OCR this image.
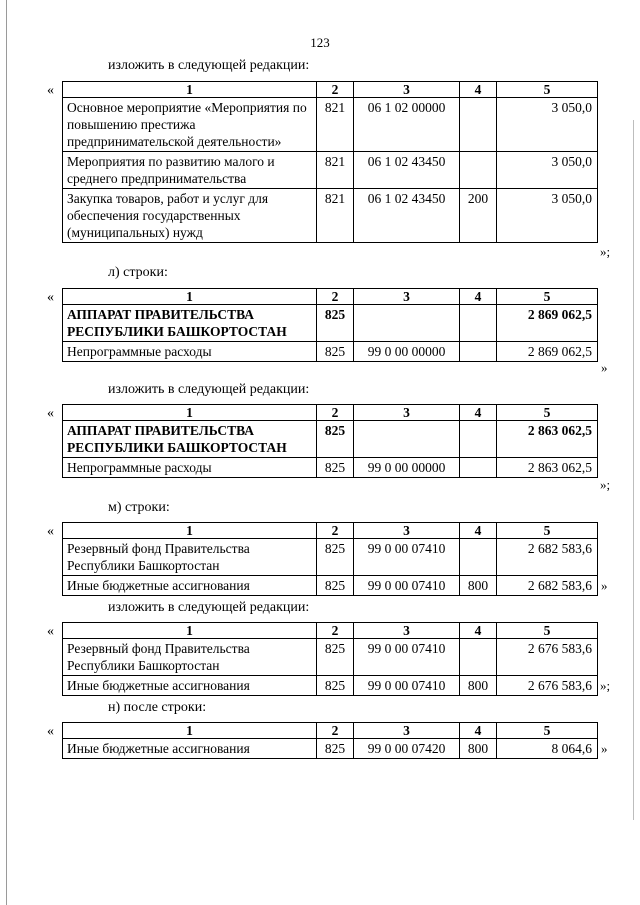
123
изложить в следующей редакции:
«	1	2	3	4	5
Основное мероприятие «Мероприятия по повышению престижа предпринимательской деятельности»	821	06 1 02 00000		3 050,0
Мероприятия по развитию малого и среднего предпринимательства	821	06 1 02 43450		3 050,0
Закупка товаров, работ и услуг для обеспечения государственных (муниципальных) нужд	821	06 1 02 43450	200	3 050,0
»;
л) строки:
«	1	2	3	4	5
АППАРАТ ПРАВИТЕЛЬСТВА РЕСПУБЛИКИ БАШКОРТОСТАН	825			2 869 062,5
Непрограммные расходы	825	99 0 00 00000		2 869 062,5
»
изложить в следующей редакции:
«	1	2	3	4	5
АППАРАТ ПРАВИТЕЛЬСТВА РЕСПУБЛИКИ БАШКОРТОСТАН	825			2 863 062,5
Непрограммные расходы	825	99 0 00 00000		2 863 062,5
»;
м) строки:
«	1	2	3	4	5
Резервный фонд Правительства Республики Башкортостан	825	99 0 00 07410		2 682 583,6
Иные бюджетные ассигнования	825	99 0 00 07410	800	2 682 583,6 »
изложить в следующей редакции:
«	1	2	3	4	5
Резервный фонд Правительства Республики Башкортостан	825	99 0 00 07410		2 676 583,6
Иные бюджетные ассигнования	825	99 0 00 07410	800	2 676 583,6 »;
н) после строки:
«	1	2	3	4	5
Иные бюджетные ассигнования	825	99 0 00 07420	800	8 064,6 »
